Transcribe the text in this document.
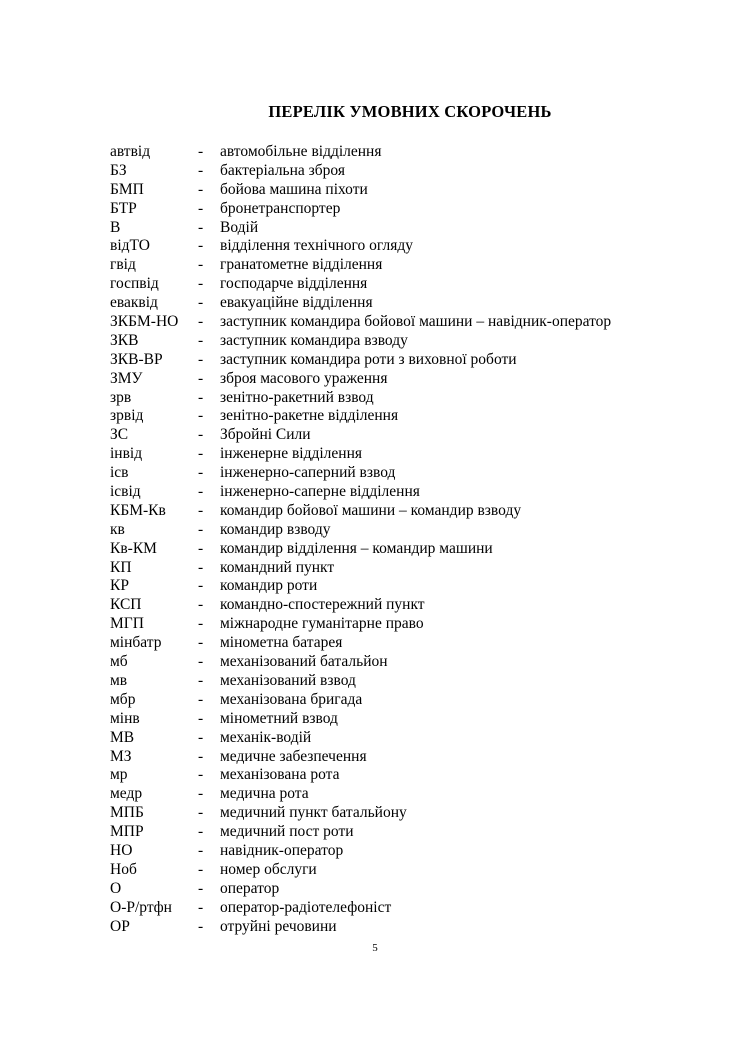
ПЕРЕЛІК УМОВНИХ СКОРОЧЕНЬ
автвід	-	автомобільне відділення
БЗ	-	бактеріальна зброя
БМП	-	бойова машина піхоти
БТР	-	бронетранспортер
В	-	Водій
відТО	-	відділення технічного огляду
гвід	-	гранатометне відділення
госпвід	-	господарче відділення
еваквід	-	евакуаційне відділення
ЗКБМ-НО	-	заступник командира бойової машини – навідник-оператор
ЗКВ	-	заступник командира взводу
ЗКВ-ВР	-	заступник командира роти з виховної роботи
ЗМУ	-	зброя масового ураження
зрв	-	зенітно-ракетний взвод
зрвід	-	зенітно-ракетне відділення
ЗС	-	Збройні Сили
інвід	-	інженерне відділення
ісв	-	інженерно-саперний взвод
ісвід	-	інженерно-саперне відділення
КБМ-Кв	-	командир бойової машини – командир взводу
кв	-	командир взводу
Кв-КМ	-	командир відділення – командир машини
КП	-	командний пункт
КР	-	командир роти
КСП	-	командно-спостережний пункт
МГП	-	міжнародне гуманітарне право
мінбатр	-	мінометна батарея
мб	-	механізований батальйон
мв	-	механізований взвод
мбр	-	механізована бригада
мінв	-	мінометний взвод
МВ	-	механік-водій
МЗ	-	медичне забезпечення
мр	-	механізована рота
медр	-	медична рота
МПБ	-	медичний пункт батальйону
МПР	-	медичний пост роти
НО	-	навідник-оператор
Ноб	-	номер обслуги
О	-	оператор
О-Р/ртфн	-	оператор-радіотелефоніст
ОР	-	отруйні речовини
5
